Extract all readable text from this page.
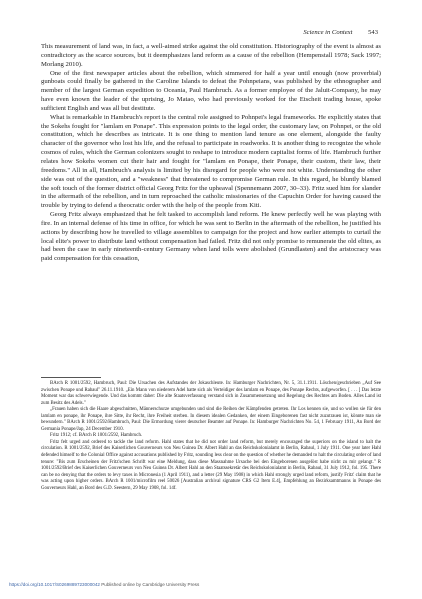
Science in Context 543

This measurement of land was, in fact, a well-aimed strike against the old constitution. Historiography of the event is almost as contradictory as the scarce sources, but it deemphasizes land reform as a cause of the rebellion (Hempenstall 1978; Sack 1997; Morlang 2010).

One of the first newspaper articles about the rebellion, which simmered for half a year until enough (now proverbial) gunboats could finally be gathered in the Caroline Islands to defeat the Pohnpeians, was published by the ethnographer and member of the largest German expedition to Oceania, Paul Hambruch. As a former employee of the Jaluit-Company, he may have even known the leader of the uprising, Jo Matao, who had previously worked for the Etscheit trading house, spoke sufficient English and was all but destitute.

What is remarkable in Hambruch's report is the central role assigned to Pohnpei's legal frameworks. He explicitly states that the Sokehs fought for "lamlam en Ponape". This expression points to the legal order, the customary law, on Pohnpei, or the old constitution, which he describes as intricate. It is one thing to mention land tenure as one element, alongside the faulty character of the governor who lost his life, and the refusal to participate in roadworks. It is another thing to recognize the whole cosmos of rules, which the German colonizers sought to reshape to introduce modern capitalist forms of life. Hambruch further relates how Sokehs women cut their hair and fought for "lamlam en Ponape, their Ponape, their custom, their law, their freedoms." All in all, Hambruch's analysis is limited by his disregard for people who were not white. Understanding the other side was out of the question, and a "weakness" that threatened to compromise German rule. In this regard, he bluntly blamed the soft touch of the former district official Georg Fritz for the upheaval (Spennemann 2007, 30–33). Fritz sued him for slander in the aftermath of the rebellion, and in turn reproached the catholic missionaries of the Capuchin Order for having caused the trouble by trying to defend a theocratic order with the help of the people from Kiti.

Georg Fritz always emphasized that he felt tasked to accomplish land reform. He knew perfectly well he was playing with fire. In an internal defense of his time in office, for which he was sent to Berlin in the aftermath of the rebellion, he justified his actions by describing how he travelled to village assemblies to campaign for the project and how earlier attempts to curtail the local elite's power to distribute land without compensation had failed. Fritz did not only promise to remunerate the old elites, as had been the case in early nineteenth-century Germany when land tolls were abolished (Grundlasten) and the aristocracy was paid compensation for this cessation,

BArch R 1001/2592, Hambruch, Paul: Die Ursachen des Aufstandes der Jokaschleute. In: Hamburger Nachrichten, Nr. 5, 31.1.1911. Löschen/geschrieben „Auf See zwischen Ponape und Rabaul" 26.11.1910. „Ein Mann von niederem Adel hatte sich als Verteidiger des lamlam en Ponape, des Ponape Rechts, aufgeworfen. [ . . . ] Das letzte Moment war das schwerwiegende. Und das kommt daher: Die alte Staatsverfassung verstand sich in Zusammensetzung und Regelung des Rechtes am Boden. Alles Land ist zum Besitz des Adels."

„Frauen haben sich die Haare abgeschnitten, Männerschurze umgebunden und sind die Reihen der Kämpfenden getreten. Ihr Los kennen sie, und so wollen sie für den lamlam en ponape, ihr Ponape, ihre Sitte, ihr Recht, ihre Freiheit sterben. In diesem idealen Gedanken, der einem Eingeborenen fast nicht zuzutrauen ist, könnte man sie bewundern." BArch R 1001/2592/Hambruch, Paul: Die Ermordung vierer deutscher Beamter auf Ponape. In: Hamburger Nachrichten No. 54, 1 February 1911, An Bord der Germania Ponape/Jap, 24 December 1910.

Fritz 1912; cf. BArch R 1001/2592, Hambruch.

Fritz felt urged and ordered to tackle the land reform. Hahl states that he did not order land reform, but merely encouraged the superiors on the island to halt the circulation. R 1001/2592, Brief des Kaiserlichen Gouverneurs von Neu Guinea Dr. Albert Hahl an das Reichskolonialamt in Berlin, Rabaul, 1 July 1911. One year later Hahl defended himself to the Colonial Office against accusations published by Fritz, sounding less clear on the question of whether he demanded to halt the circulating order of land tenure: "Bis zum Erscheinen der Fritz'schen Schrift war eine Meldung, dass diese Massnahme Ursache bei den Eingeborenen ausgelöst habe nicht zu mir gelangt." R 1001/2592/Brief des Kaiserlichen Gouverneurs von Neu Guinea Dr. Albert Hahl an den Staatssekretär des Reichskolonialamt in Berlin, Rabaul, 31 July 1912, fol. 195. There can be no denying that the orders to levy taxes in Micronesia (1 April 1911), and a letter (29 May 1908) in which Hahl strongly urged land reform, justify Fritz' claim that he was acting upon higher orders. BArch R 1001/microfilm reel 50026 [Australian archival signature CRS G2 Item E.4], Empfehlung an Bezirksamtmanns in Ponape des Gouverneurs Hahl, an Bord des G.D. Seestern, 29 May 1908, fol. 14f.

https://doi.org/10.1017/S0269889723000042 Published online by Cambridge University Press
